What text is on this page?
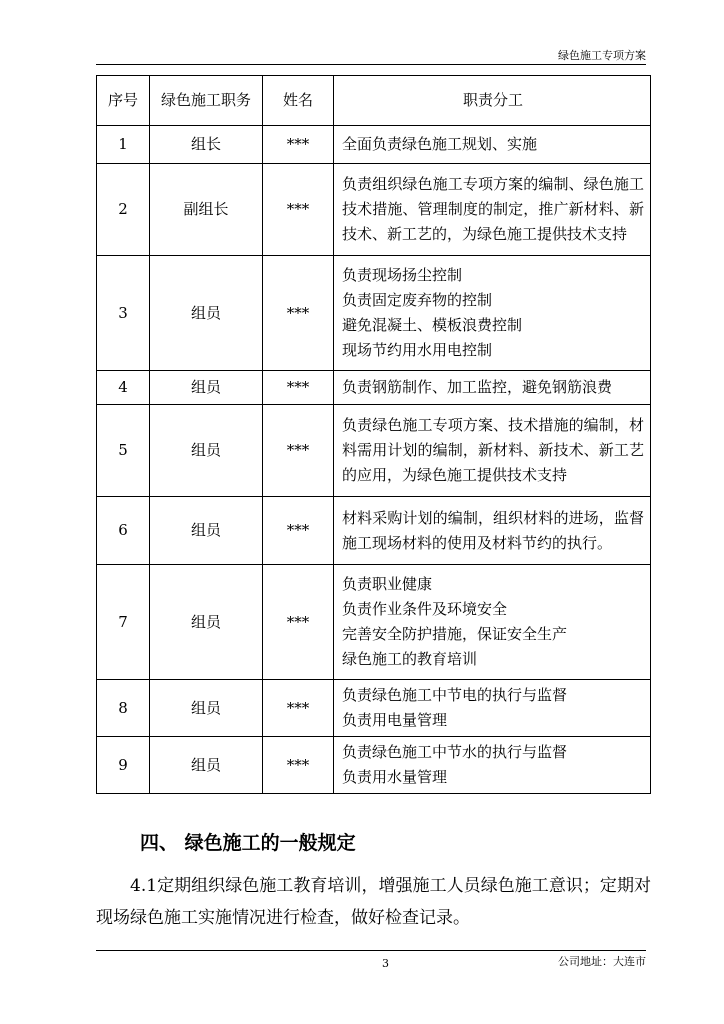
绿色施工专项方案
序号	绿色施工职务	姓名	职责分工
1	组长	***	全面负责绿色施工规划、实施

2	副组长	***	负责组织绿色施工专项方案的编制、绿色施工技术措施、管理制度的制定，推广新材料、新技术、新工艺的，为绿色施工提供技术支持

3	组员	***	负责现场扬尘控制
负责固定废弃物的控制
避免混凝土、模板浪费控制
现场节约用水用电控制

4	组员	***	负责钢筋制作、加工监控，避免钢筋浪费

5	组员	***	负责绿色施工专项方案、技术措施的编制，材料需用计划的编制，新材料、新技术、新工艺的应用，为绿色施工提供技术支持

6	组员	***	材料采购计划的编制，组织材料的进场，监督施工现场材料的使用及材料节约的执行。

7	组员	***	负责职业健康
负责作业条件及环境安全
完善安全防护措施，保证安全生产
绿色施工的教育培训

8	组员	***	负责绿色施工中节电的执行与监督
负责用电量管理

9	组员	***	负责绿色施工中节水的执行与监督
负责用水量管理
四、 绿色施工的一般规定
4.1定期组织绿色施工教育培训，增强施工人员绿色施工意识；定期对现场绿色施工实施情况进行检查，做好检查记录。
3	公司地址：大连市
